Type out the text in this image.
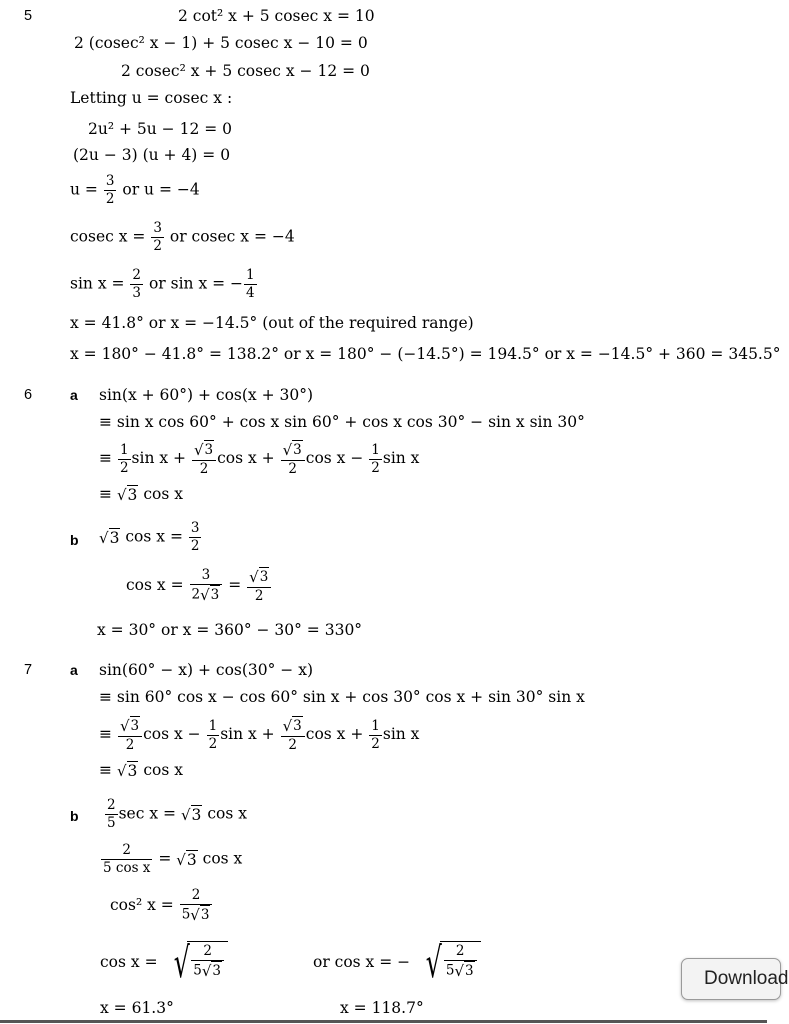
5	2 cot² x + 5 cosec x = 10
2 (cosec² x − 1) + 5 cosec x − 10 = 0
2 cosec² x + 5 cosec x − 12 = 0
Letting u = cosec x :
2u² + 5u − 12 = 0
(2u − 3) (u + 4) = 0
$u = \frac{3}{2}$ or u = −4
cosec $x = \frac{3}{2}$ or cosec x = −4
$\sin x = \frac{2}{3}$ or sin x = − $\frac{1}{4}$
x = 41.8° or x = −14.5° (out of the required range)
x = 180° − 41.8° = 138.2° or x = 180° − (−14.5°) = 194.5° or x = −14.5° + 360 = 345.5°
6	a sin(x + 60°) + cos(x + 30°)
≡ sin x cos 60° + cos x sin 60° + cos x cos 30° − sin x sin 30°
≡ $\frac{1}{2}$ $\sin x + \frac{√ 3}{2}$ $\cos x + \frac{√ 3}{2}$ $\cos x - \frac{1}{2}$ sin x
≡ √ 3 cos x
b √ 3 $\cos x = \frac{3}{2}$
$\cos x = \frac{3}{2 √ 3} = \frac{√ 3}{2}$
x = 30° or x = 360° − 30° = 330°
7	a sin(60° − x) + cos(30° − x)
≡ sin 60° cos x − cos 60° sin x + cos 30° cos x + sin 30° sin x
≡ $\frac{√ 3}{2}$ $\cos x - \frac{1}{2}$ $\sin x + \frac{√ 3}{2}$ $\cos x + \frac{1}{2}$ sin x
≡ √ 3 cos x
b $\frac{2}{5}$ sec x = √ 3 cos x
$\frac{2}{\text{5 cos x}}$ = √ 3 cos x
cos² $x = \frac{2}{5 √ 3}$
cos x = √ $\frac{2}{5 √ 3}$	or cos x = − √ $\frac{2}{5 √ 3}$
x = 61.3°	x = 118.7°
Download
